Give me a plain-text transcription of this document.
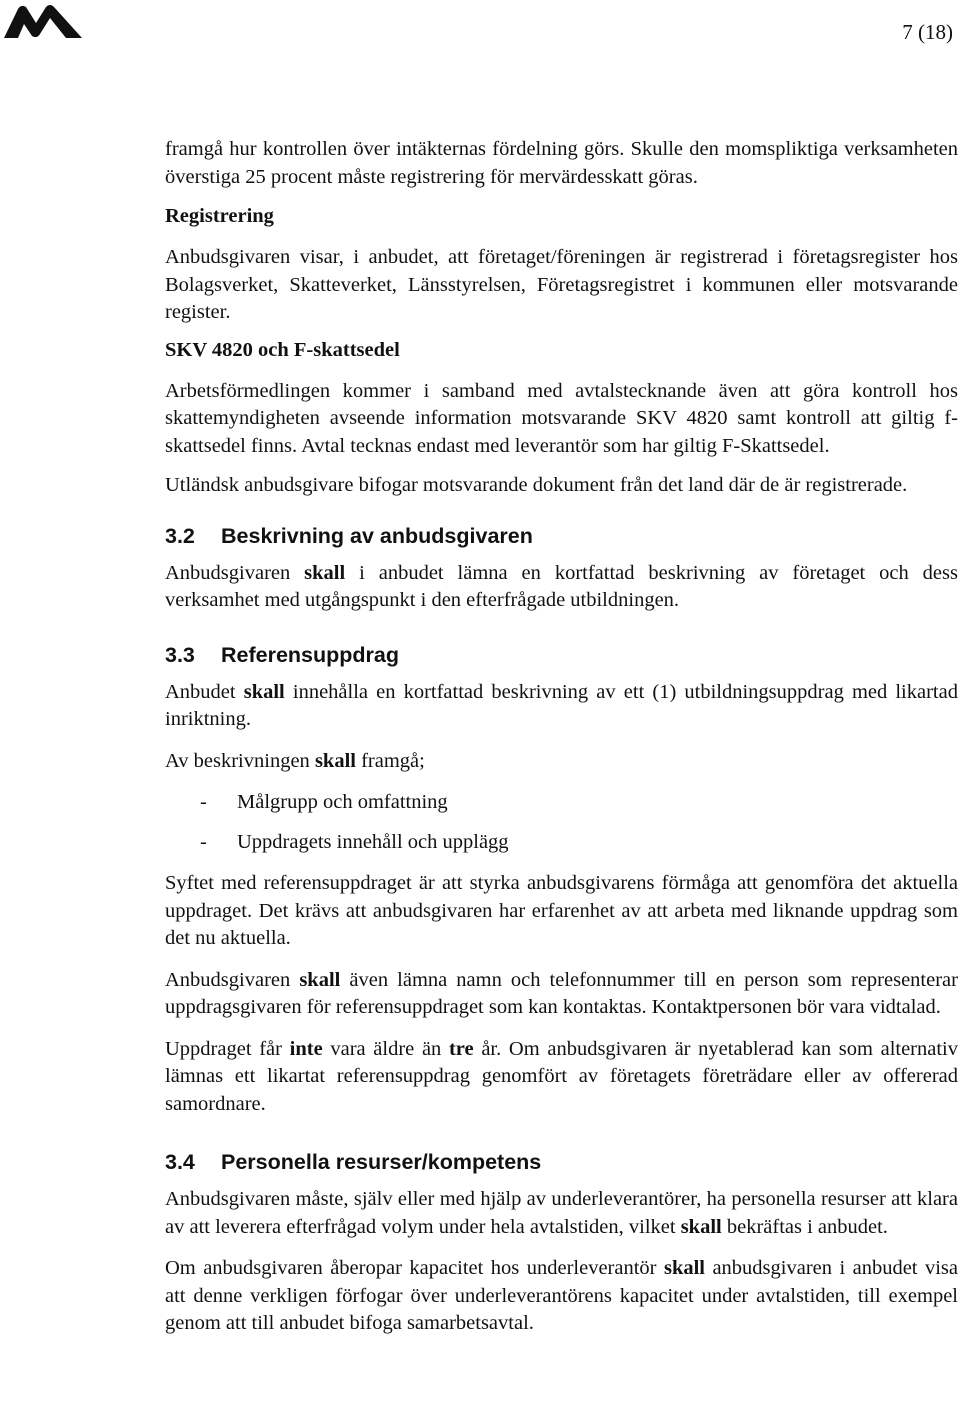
7 (18)

framgå hur kontrollen över intäkternas fördelning görs. Skulle den momspliktiga verksamheten överstiga 25 procent måste registrering för mervärdesskatt göras.

Registrering

Anbudsgivaren visar, i anbudet, att företaget/föreningen är registrerad i företagsregister hos Bolagsverket, Skatteverket, Länsstyrelsen, Företagsregistret i kommunen eller motsvarande register.

SKV 4820 och F-skattsedel

Arbetsförmedlingen kommer i samband med avtalstecknande även att göra kontroll hos skattemyndigheten avseende information motsvarande SKV 4820 samt kontroll att giltig f-skattsedel finns. Avtal tecknas endast med leverantör som har giltig F-Skattsedel.

Utländsk anbudsgivare bifogar motsvarande dokument från det land där de är registrerade.

3.2	Beskrivning av anbudsgivaren

Anbudsgivaren skall i anbudet lämna en kortfattad beskrivning av företaget och dess verksamhet med utgångspunkt i den efterfrågade utbildningen.

3.3	Referensuppdrag

Anbudet skall innehålla en kortfattad beskrivning av ett (1) utbildningsuppdrag med likartad inriktning.

Av beskrivningen skall framgå;

-	Målgrupp och omfattning
-	Uppdragets innehåll och upplägg

Syftet med referensuppdraget är att styrka anbudsgivarens förmåga att genomföra det aktuella uppdraget. Det krävs att anbudsgivaren har erfarenhet av att arbeta med liknande uppdrag som det nu aktuella.

Anbudsgivaren skall även lämna namn och telefonnummer till en person som representerar uppdragsgivaren för referensuppdraget som kan kontaktas. Kontaktpersonen bör vara vidtalad.

Uppdraget får inte vara äldre än tre år. Om anbudsgivaren är nyetablerad kan som alternativ lämnas ett likartat referensuppdrag genomfört av företagets företrädare eller av offererad samordnare.

3.4	Personella resurser/kompetens

Anbudsgivaren måste, själv eller med hjälp av underleverantörer, ha personella resurser att klara av att leverera efterfrågad volym under hela avtalstiden, vilket skall bekräftas i anbudet.

Om anbudsgivaren åberopar kapacitet hos underleverantör skall anbudsgivaren i anbudet visa att denne verkligen förfogar över underleverantörens kapacitet under avtalstiden, till exempel genom att till anbudet bifoga samarbetsavtal.
